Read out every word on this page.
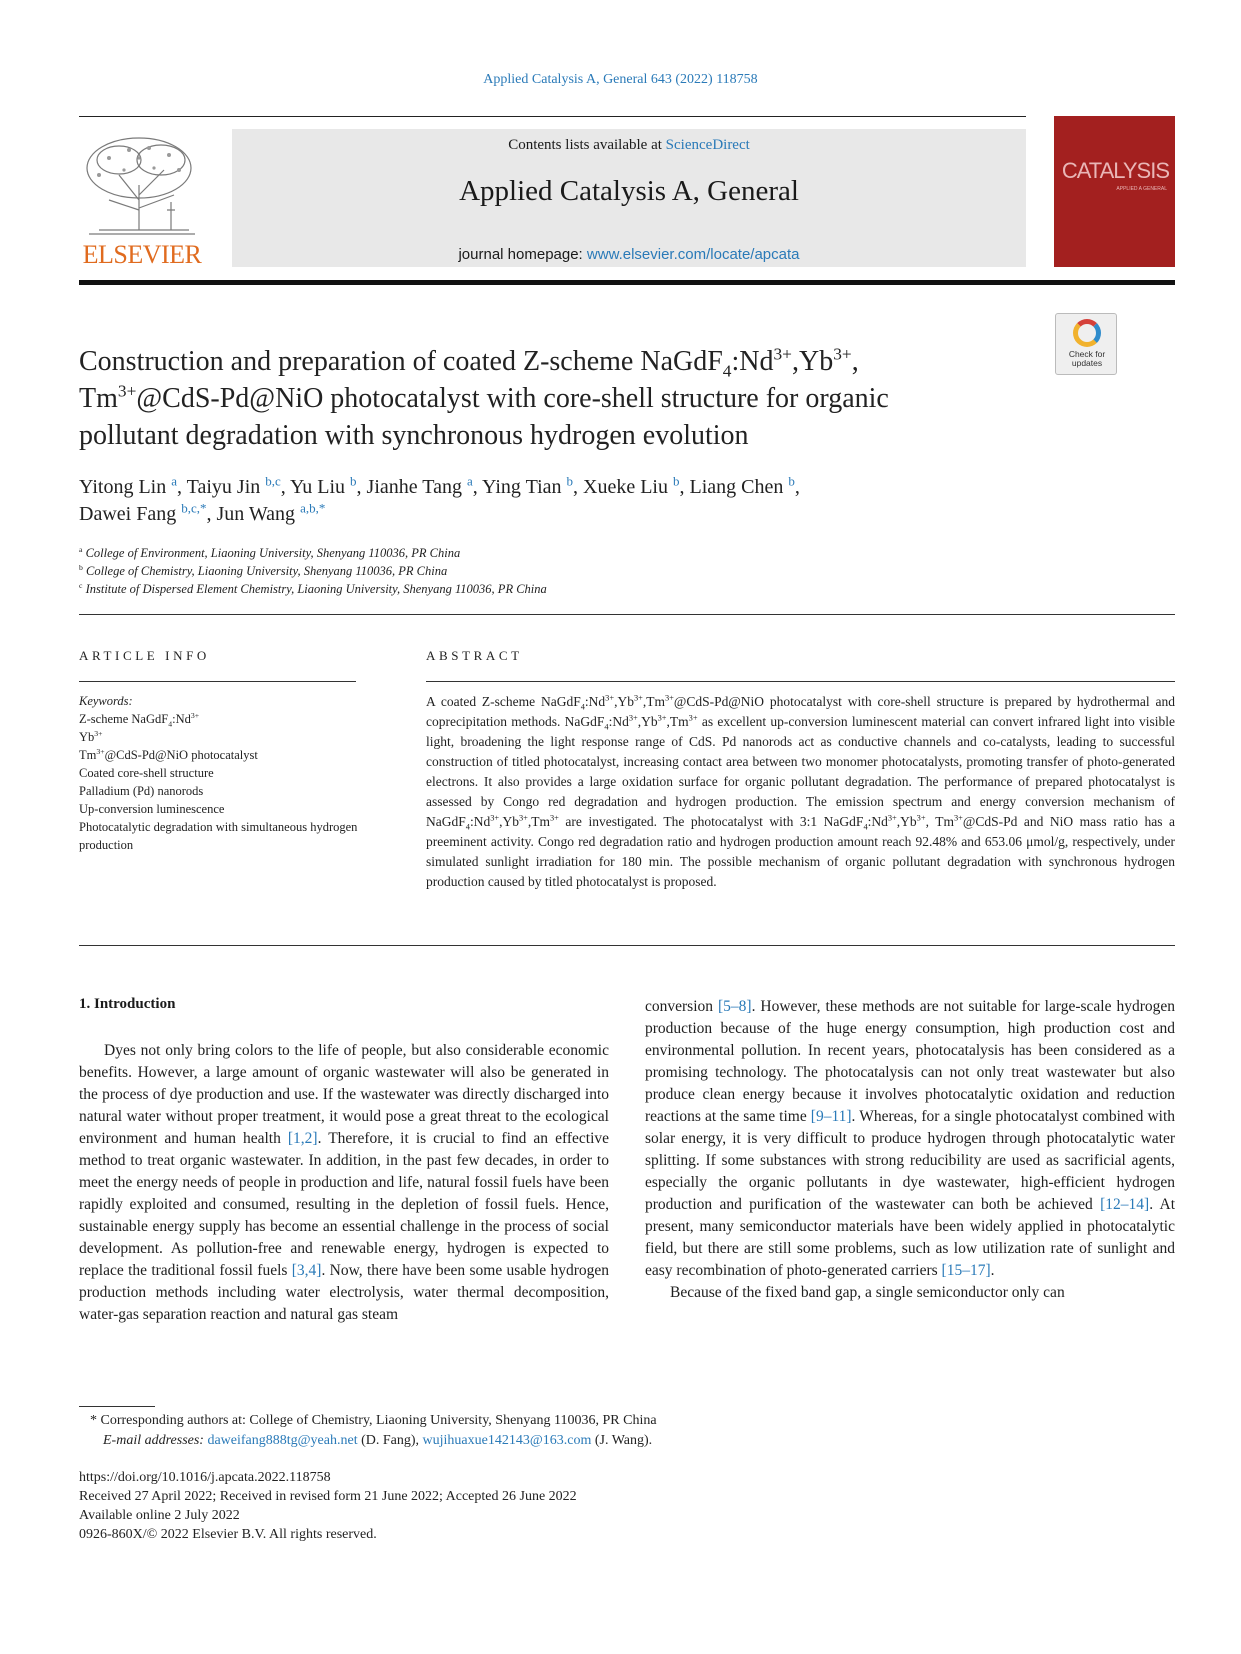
Applied Catalysis A, General 643 (2022) 118758
ELSEVIER
Contents lists available at ScienceDirect
Applied Catalysis A, General
journal homepage: www.elsevier.com/locate/apcata
CATALYSIS
APPLIED A GENERAL
Check for updates
Construction and preparation of coated Z-scheme $NaGdF_4:Nd^{3+},Yb^{3+}$,
$Tm^{3+}@CdS-Pd@NiO$ photocatalyst with core-shell structure for organic
pollutant degradation with synchronous hydrogen evolution
Yitong Lin $^a$, Taiyu Jin $^{b,c}$, Yu Liu $^b$, Jianhe Tang $^a$, Ying Tian $^b$, Xueke Liu $^b$, Liang Chen $^b$,
Dawei Fang $^{b,c,*}$, Jun Wang $^{a,b,*}$
$^a$ College of Environment, Liaoning University, Shenyang 110036, PR China
$^b$ College of Chemistry, Liaoning University, Shenyang 110036, PR China
$^c$ Institute of Dispersed Element Chemistry, Liaoning University, Shenyang 110036, PR China
ARTICLE INFO
Keywords:
Z-scheme $NaGdF_4:Nd^{3+}$
$Yb^{3+}$
$Tm^{3+}@CdS-Pd@NiO$ photocatalyst
Coated core-shell structure
Palladium (Pd) nanorods
Up-conversion luminescence
Photocatalytic degradation with simultaneous hydrogen production
ABSTRACT
A coated Z-scheme $NaGdF_4:Nd^{3+},Yb^{3+},Tm^{3+}@CdS-Pd@NiO$ photocatalyst with core-shell structure is prepared by hydrothermal and coprecipitation methods. $NaGdF_4:Nd^{3+},Yb^{3+},Tm^{3+}$ as excellent up-conversion luminescent material can convert infrared light into visible light, broadening the light response range of CdS. Pd nanorods act as conductive channels and co-catalysts, leading to successful construction of titled photocatalyst, increasing contact area between two monomer photocatalysts, promoting transfer of photo-generated electrons. It also provides a large oxidation surface for organic pollutant degradation. The performance of prepared photocatalyst is assessed by Congo red degradation and hydrogen production. The emission spectrum and energy conversion mechanism of $NaGdF_4:Nd^{3+},Yb^{3+},Tm^{3+}$ are investigated. The photocatalyst with 3:1 $NaGdF_4:Nd^{3+},Yb^{3+}$, $Tm^{3+}@CdS-Pd$ and NiO mass ratio has a preeminent activity. Congo red degradation ratio and hydrogen production amount reach 92.48% and 653.06 μmol/g, respectively, under simulated sunlight irradiation for 180 min. The possible mechanism of organic pollutant degradation with synchronous hydrogen production caused by titled photocatalyst is proposed.
1. Introduction

Dyes not only bring colors to the life of people, but also considerable economic benefits. However, a large amount of organic wastewater will also be generated in the process of dye production and use. If the wastewater was directly discharged into natural water without proper treatment, it would pose a great threat to the ecological environment and human health [1,2]. Therefore, it is crucial to find an effective method to treat organic wastewater. In addition, in the past few decades, in order to meet the energy needs of people in production and life, natural fossil fuels have been rapidly exploited and consumed, resulting in the depletion of fossil fuels. Hence, sustainable energy supply has become an essential challenge in the process of social development. As pollution-free and renewable energy, hydrogen is expected to replace the traditional fossil fuels [3,4]. Now, there have been some usable hydrogen production methods including water electrolysis, water thermal decomposition, water-gas separation reaction and natural gas steam

conversion [5–8]. However, these methods are not suitable for large-scale hydrogen production because of the huge energy consumption, high production cost and environmental pollution. In recent years, photocatalysis has been considered as a promising technology. The photocatalysis can not only treat wastewater but also produce clean energy because it involves photocatalytic oxidation and reduction reactions at the same time [9–11]. Whereas, for a single photocatalyst combined with solar energy, it is very difficult to produce hydrogen through photocatalytic water splitting. If some substances with strong reducibility are used as sacrificial agents, especially the organic pollutants in dye wastewater, high-efficient hydrogen production and purification of the wastewater can both be achieved [12–14]. At present, many semiconductor materials have been widely applied in photocatalytic field, but there are still some problems, such as low utilization rate of sunlight and easy recombination of photo-generated carriers [15–17].

Because of the fixed band gap, a single semiconductor only can

* Corresponding authors at: College of Chemistry, Liaoning University, Shenyang 110036, PR China
E-mail addresses: daweifang888tg@yeah.net (D. Fang), wujihuaxue142143@163.com (J. Wang).
https://doi.org/10.1016/j.apcata.2022.118758
Received 27 April 2022; Received in revised form 21 June 2022; Accepted 26 June 2022
Available online 2 July 2022
0926-860X/© 2022 Elsevier B.V. All rights reserved.
